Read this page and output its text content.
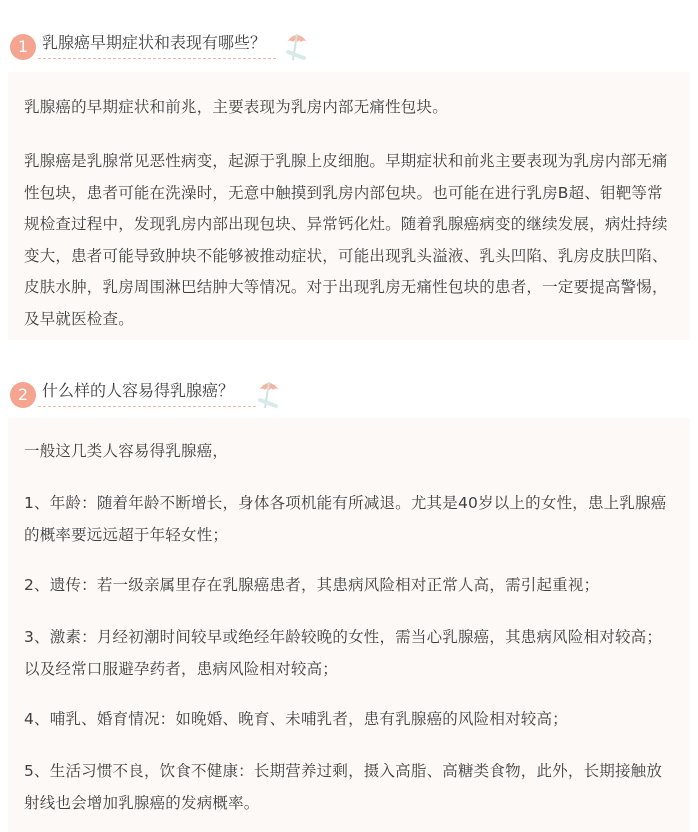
1 乳腺癌早期症状和表现有哪些？

乳腺癌的早期症状和前兆，主要表现为乳房内部无痛性包块。

乳腺癌是乳腺常见恶性病变，起源于乳腺上皮细胞。早期症状和前兆主要表现为乳房内部无痛性包块，患者可能在洗澡时，无意中触摸到乳房内部包块。也可能在进行乳房B超、钼靶等常规检查过程中，发现乳房内部出现包块、异常钙化灶。随着乳腺癌病变的继续发展，病灶持续变大，患者可能导致肿块不能够被推动症状，可能出现乳头溢液、乳头凹陷、乳房皮肤凹陷、皮肤水肿，乳房周围淋巴结肿大等情况。对于出现乳房无痛性包块的患者，一定要提高警惕，及早就医检查。

2 什么样的人容易得乳腺癌？

一般这几类人容易得乳腺癌，

1、年龄：随着年龄不断增长，身体各项机能有所减退。尤其是40岁以上的女性，患上乳腺癌的概率要远远超于年轻女性；

2、遗传：若一级亲属里存在乳腺癌患者，其患病风险相对正常人高，需引起重视；

3、激素：月经初潮时间较早或绝经年龄较晚的女性，需当心乳腺癌，其患病风险相对较高；以及经常口服避孕药者，患病风险相对较高；

4、哺乳、婚育情况：如晚婚、晚育、未哺乳者，患有乳腺癌的风险相对较高；

5、生活习惯不良，饮食不健康：长期营养过剩，摄入高脂、高糖类食物，此外，长期接触放射线也会增加乳腺癌的发病概率。
